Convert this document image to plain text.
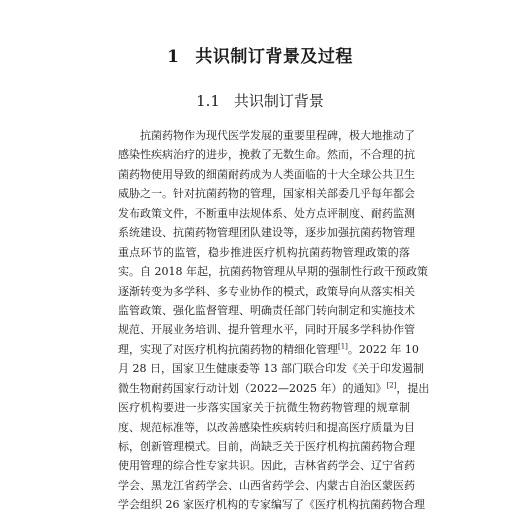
1 共识制订背景及过程
1.1 共识制订背景
抗菌药物作为现代医学发展的重要里程碑，极大地推动了
感染性疾病治疗的进步，挽救了无数生命。然而，不合理的抗
菌药物使用导致的细菌耐药成为人类面临的十大全球公共卫生
威胁之一。针对抗菌药物的管理，国家相关部委几乎每年都会
发布政策文件，不断重申法规体系、处方点评制度、耐药监测
系统建设、抗菌药物管理团队建设等，逐步加强抗菌药物管理
重点环节的监管，稳步推进医疗机构抗菌药物管理政策的落
实。自 2018 年起，抗菌药物管理从早期的强制性行政干预政策
逐渐转变为多学科、多专业协作的模式，政策导向从落实相关
监管政策、强化监督管理、明确责任部门转向制定和实施技术
规范、开展业务培训、提升管理水平，同时开展多学科协作管
理，实现了对医疗机构抗菌药物的精细化管理[1]。2022 年 10
月 28 日，国家卫生健康委等 13 部门联合印发《关于印发遏制
微生物耐药国家行动计划（2022—2025 年）的通知》[2]，提出
医疗机构要进一步落实国家关于抗微生物药物管理的规章制
度、规范标准等，以改善感染性疾病转归和提高医疗质量为目
标，创新管理模式。目前，尚缺乏关于医疗机构抗菌药物合理
使用管理的综合性专家共识。因此，吉林省药学会、辽宁省药
学会、黑龙江省药学会、山西省药学会、内蒙古自治区蒙医药
学会组织 26 家医疗机构的专家编写了《医疗机构抗菌药物合理
